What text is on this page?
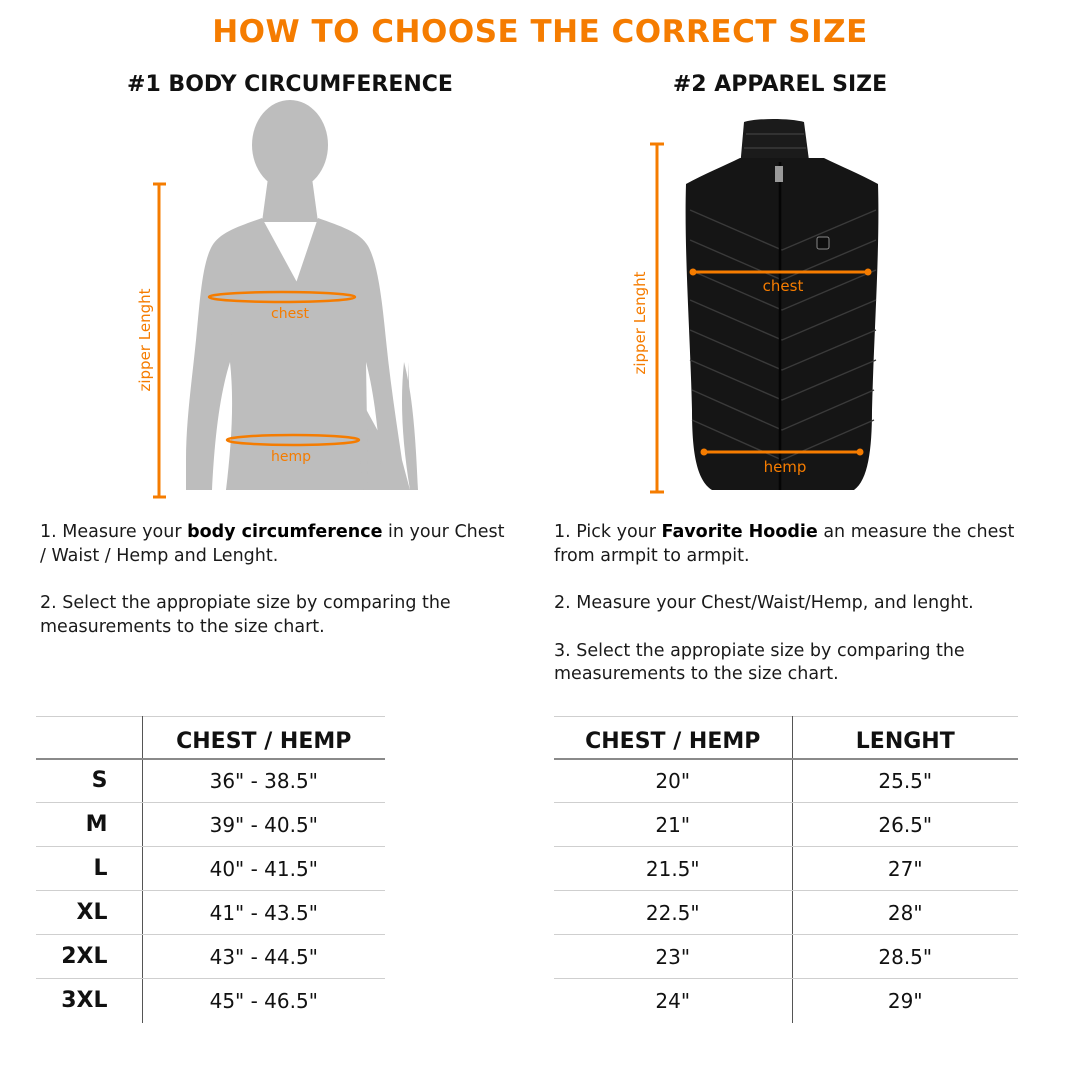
HOW TO CHOOSE THE CORRECT SIZE
#1 BODY CIRCUMFERENCE	#2 APPAREL SIZE
zipper Lenght	chest
hemp
zipper Lenght	chest
hemp

1. Measure your body circumference in your Chest / Waist / Hemp and Lenght.

2. Select the appropiate size by comparing the measurements to the size chart.

1. Pick your Favorite Hoodie an measure the chest from armpit to armpit.

2. Measure your Chest/Waist/Hemp, and lenght.

3. Select the appropiate size by comparing the measurements to the size chart.

	CHEST / HEMP
S	36" - 38.5"
M	39" - 40.5"
L	40" - 41.5"
XL	41" - 43.5"
2XL	43" - 44.5"
3XL	45" - 46.5"
CHEST / HEMP	LENGHT
20"	25.5"
21"	26.5"
21.5"	27"
22.5"	28"
23"	28.5"
24"	29"
